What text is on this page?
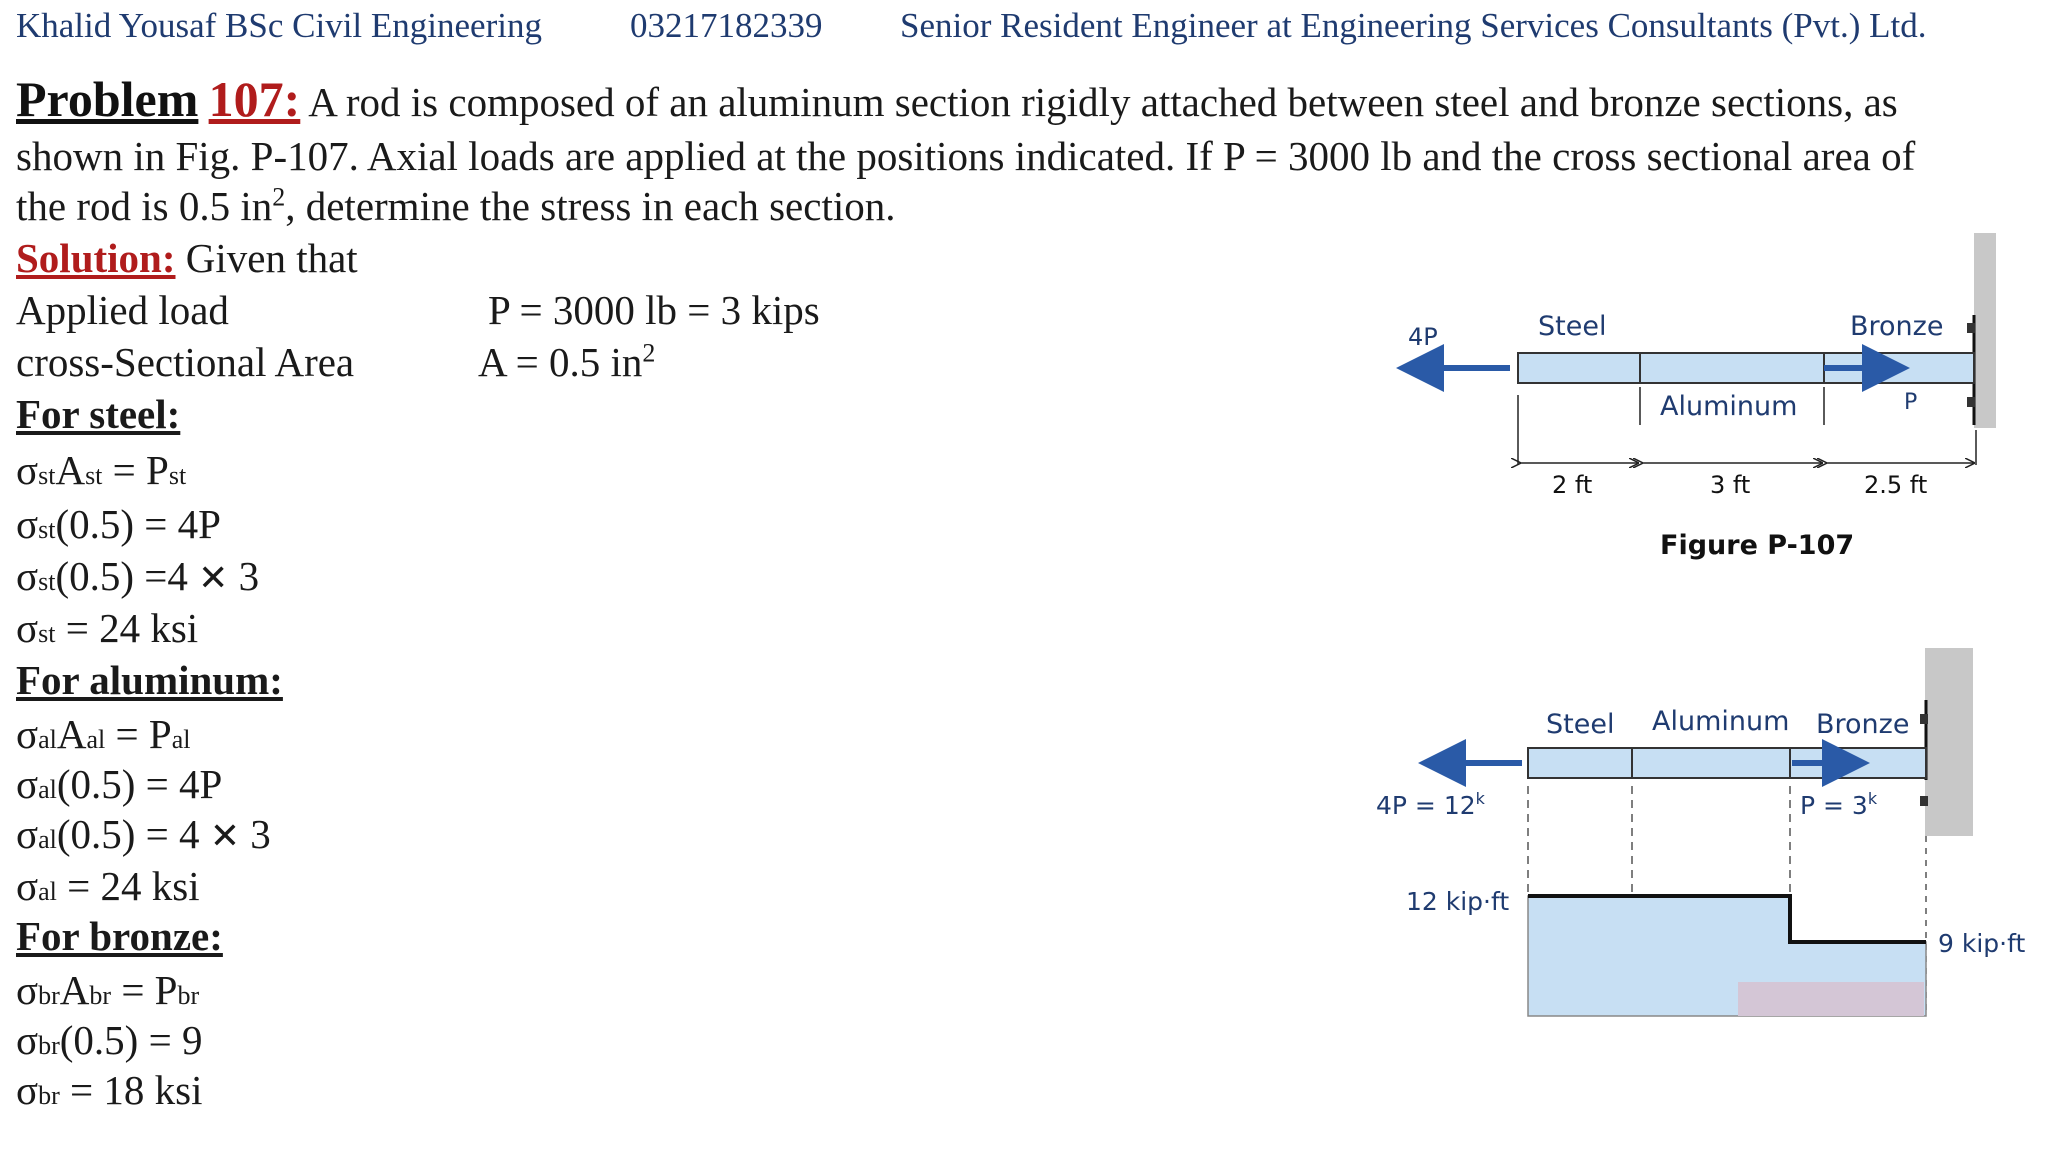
Khalid Yousaf BSc Civil Engineering	03217182339 Senior Resident Engineer at Engineering Services Consultants (Pvt.) Ltd.
Problem 107: A rod is composed of an aluminum section rigidly attached between steel and bronze sections, as
shown in Fig. P-107. Axial loads are applied at the positions indicated. If P = 3000 lb and the cross sectional area of
the rod is 0.5 $in^2$, determine the stress in each section.
Solution: Given that
Applied load	P = 3000 lb = 3 kips
cross-Sectional Area	A = 0.5 $in^2$
For steel:
σstAst = Pst
σst(0.5) = 4P
σst(0.5) =4 ✕ 3
σst = 24 ksi
For aluminum:
σalAal = Pal
σal(0.5) = 4P
σal(0.5) = 4 ✕ 3
σal = 24 ksi
For bronze:
σbrAbr = Pbr
σbr(0.5) = 9
σbr = 18 ksi
4P	Steel	Bronze
Aluminum	P
2 ft	3 ft	2.5 ft
Figure P-107
Steel Aluminum Bronze
$4P = 12^k$	$P = 3^k$
12 kip·ft
9 kip·ft
